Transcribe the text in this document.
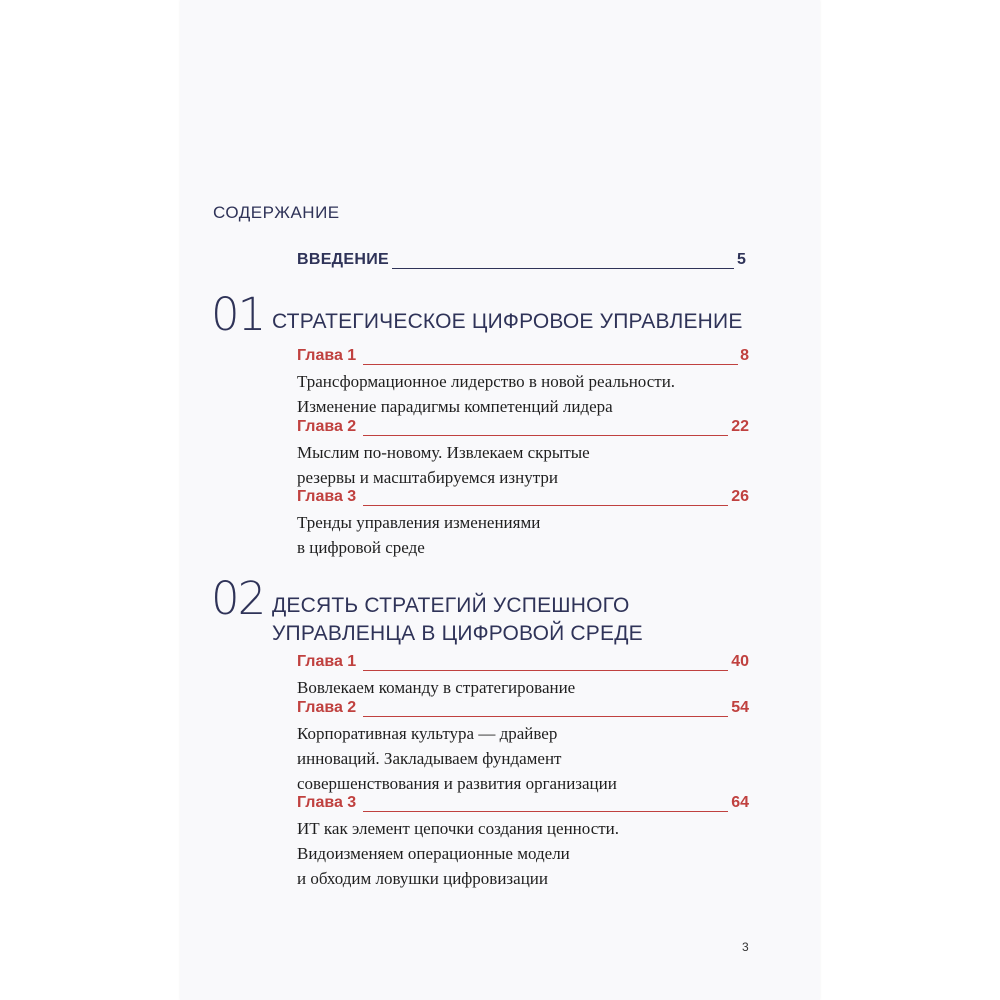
СОДЕРЖАНИЕ
ВВЕДЕНИЕ	5
01 СТРАТЕГИЧЕСКОЕ ЦИФРОВОЕ УПРАВЛЕНИЕ
Глава 1	8
Трансформационное лидерство в новой реальности.
Изменение парадигмы компетенций лидера
Глава 2	22
Мыслим по-новому. Извлекаем скрытые
резервы и масштабируемся изнутри
Глава 3	26
Тренды управления изменениями
в цифровой среде
02 ДЕСЯТЬ СТРАТЕГИЙ УСПЕШНОГО
УПРАВЛЕНЦА В ЦИФРОВОЙ СРЕДЕ
Глава 1	40
Вовлекаем команду в стратегирование
Глава 2	54
Корпоративная культура — драйвер
инноваций. Закладываем фундамент
совершенствования и развития организации
Глава 3	64
ИТ как элемент цепочки создания ценности.
Видоизменяем операционные модели
и обходим ловушки цифровизации
3
